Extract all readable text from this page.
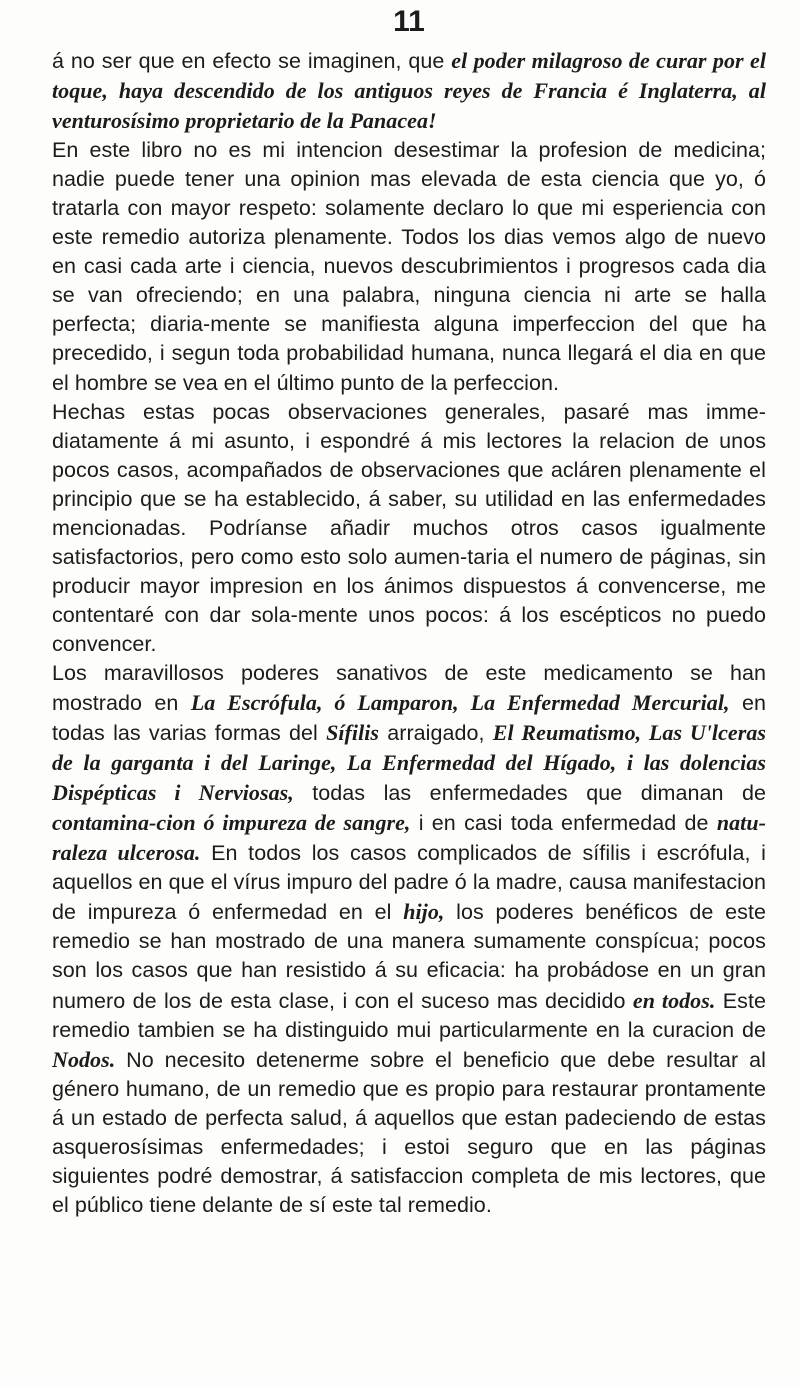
11

á no ser que en efecto se imaginen, que el poder milagroso de curar por el toque, haya descendido de los antiguos reyes de Francia é Inglaterra, al venturosísimo proprietario de la Panacea!

En este libro no es mi intencion desestimar la profesion de medicina; nadie puede tener una opinion mas elevada de esta ciencia que yo, ó tratarla con mayor respeto: solamente declaro lo que mi esperiencia con este remedio autoriza plenamente. Todos los dias vemos algo de nuevo en casi cada arte i ciencia, nuevos descubrimientos i progresos cada dia se van ofreciendo; en una palabra, ninguna ciencia ni arte se halla perfecta; diaria-mente se manifiesta alguna imperfeccion del que ha precedido, i segun toda probabilidad humana, nunca llegará el dia en que el hombre se vea en el último punto de la perfeccion.

Hechas estas pocas observaciones generales, pasaré mas imme-diatamente á mi asunto, i espondré á mis lectores la relacion de unos pocos casos, acompañados de observaciones que acláren plenamente el principio que se ha establecido, á saber, su utilidad en las enfermedades mencionadas. Podríanse añadir muchos otros casos igualmente satisfactorios, pero como esto solo aumen-taria el numero de páginas, sin producir mayor impresion en los ánimos dispuestos á convencerse, me contentaré con dar sola-mente unos pocos: á los escépticos no puedo convencer.

Los maravillosos poderes sanativos de este medicamento se han mostrado en La Escrófula, ó Lamparon, La Enfermedad Mercurial, en todas las varias formas del Sífilis arraigado, El Reumatismo, Las U'lceras de la garganta i del Laringe, La Enfermedad del Hígado, i las dolencias Dispépticas i Nerviosas, todas las enfermedades que dimanan de contamina-cion ó impureza de sangre, i en casi toda enfermedad de natu-raleza ulcerosa. En todos los casos complicados de sífilis i escrófula, i aquellos en que el vírus impuro del padre ó la madre, causa manifestacion de impureza ó enfermedad en el hijo, los poderes benéficos de este remedio se han mostrado de una manera sumamente conspícua; pocos son los casos que han resistido á su eficacia: ha probádose en un gran numero de los de esta clase, i con el suceso mas decidido en todos. Este remedio tambien se ha distinguido mui particularmente en la curacion de Nodos. No necesito detenerme sobre el beneficio que debe resultar al género humano, de un remedio que es propio para restaurar prontamente á un estado de perfecta salud, á aquellos que estan padeciendo de estas asquerosísimas enfermedades; i estoi seguro que en las páginas siguientes podré demostrar, á satisfaccion completa de mis lectores, que el público tiene delante de sí este tal remedio.
